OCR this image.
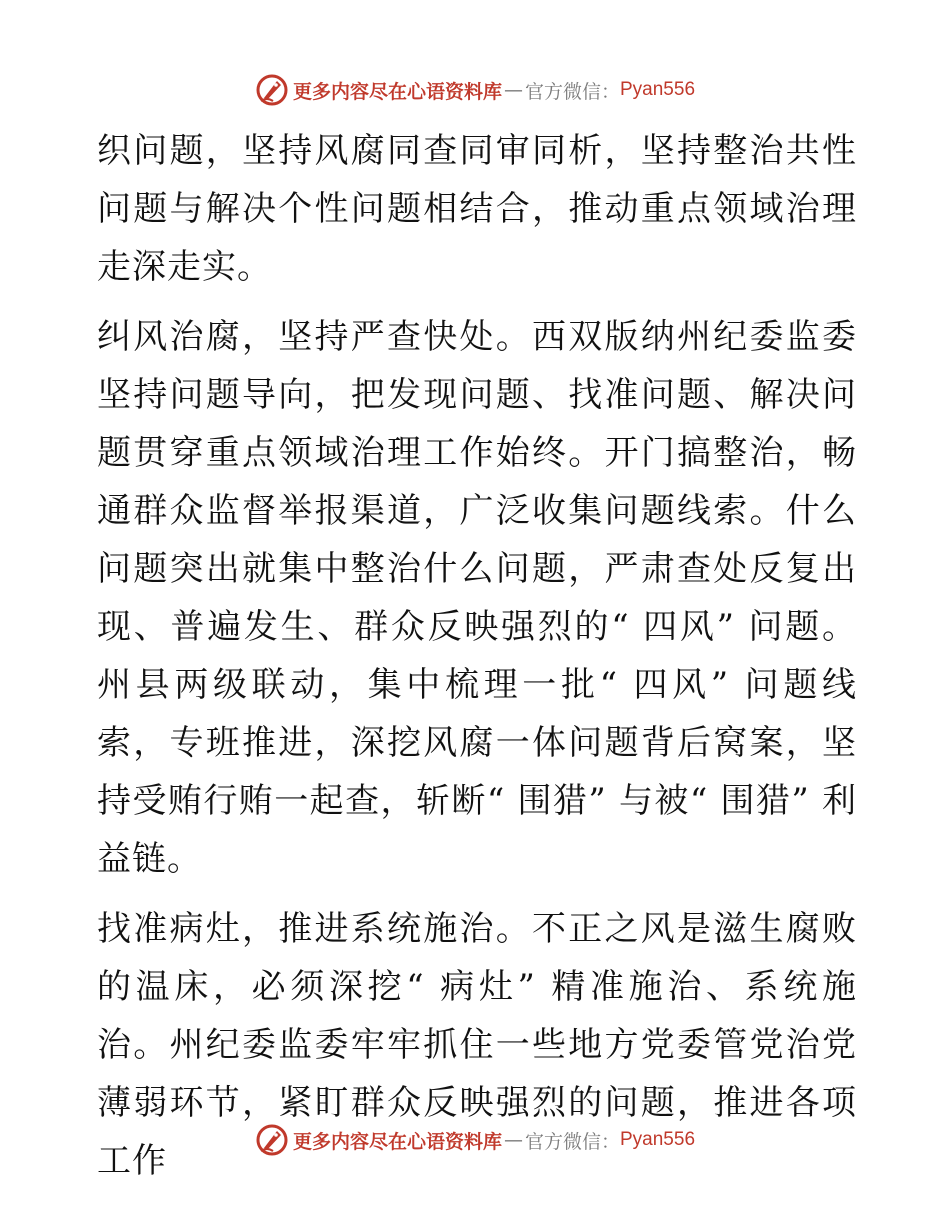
更多内容尽在心语资料库 — 官方微信： Pyan556

织问题，坚持风腐同查同审同析，坚持整治共性问题与解决个性问题相结合，推动重点领域治理走深走实。

纠风治腐，坚持严查快处。西双版纳州纪委监委坚持问题导向，把发现问题、找准问题、解决问题贯穿重点领域治理工作始终。开门搞整治，畅通群众监督举报渠道，广泛收集问题线索。什么问题突出就集中整治什么问题，严肃查处反复出现、普遍发生、群众反映强烈的“ 四风” 问题。州县两级联动，集中梳理一批“ 四风” 问题线索，专班推进，深挖风腐一体问题背后窝案，坚持受贿行贿一起查，斩断“ 围猎” 与被“ 围猎” 利益链。

找准病灶，推进系统施治。不正之风是滋生腐败的温床，必须深挖“ 病灶” 精准施治、系统施治。州纪委监委牢牢抓住一些地方党委管党治党薄弱环节，紧盯群众反映强烈的问题，推进各项工作	更多内容尽在心语资料库 — 官方微信： Pyan556
